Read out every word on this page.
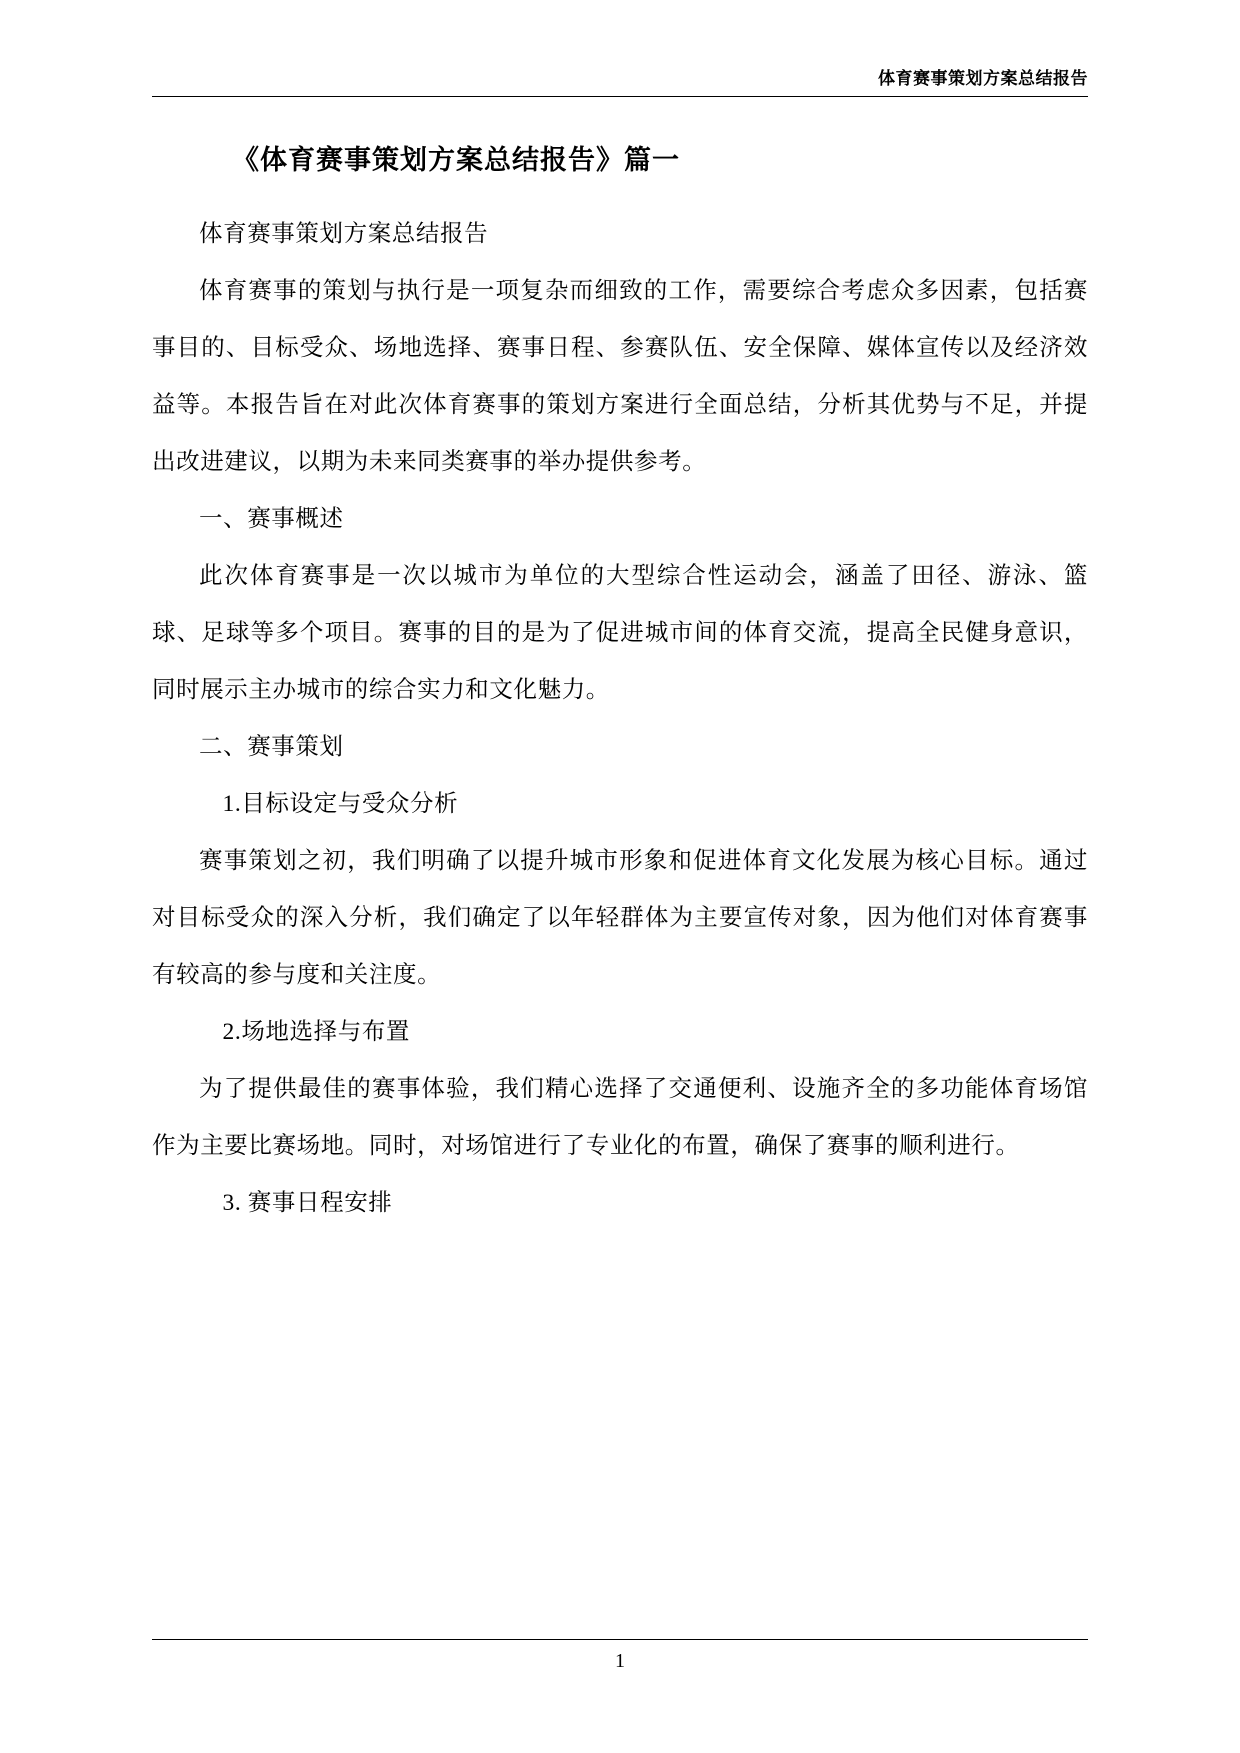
体育赛事策划方案总结报告
《体育赛事策划方案总结报告》篇一

体育赛事策划方案总结报告

体育赛事的策划与执行是一项复杂而细致的工作，需要综合考虑众多因素，包括赛事目的、目标受众、场地选择、赛事日程、参赛队伍、安全保障、媒体宣传以及经济效益等。本报告旨在对此次体育赛事的策划方案进行全面总结，分析其优势与不足，并提出改进建议，以期为未来同类赛事的举办提供参考。

一、赛事概述

此次体育赛事是一次以城市为单位的大型综合性运动会，涵盖了田径、游泳、篮球、足球等多个项目。赛事的目的是为了促进城市间的体育交流，提高全民健身意识，同时展示主办城市的综合实力和文化魅力。

二、赛事策划

1.目标设定与受众分析

赛事策划之初，我们明确了以提升城市形象和促进体育文化发展为核心目标。通过对目标受众的深入分析，我们确定了以年轻群体为主要宣传对象，因为他们对体育赛事有较高的参与度和关注度。

2.场地选择与布置

为了提供最佳的赛事体验，我们精心选择了交通便利、设施齐全的多功能体育场馆作为主要比赛场地。同时，对场馆进行了专业化的布置，确保了赛事的顺利进行。

3. 赛事日程安排

1
